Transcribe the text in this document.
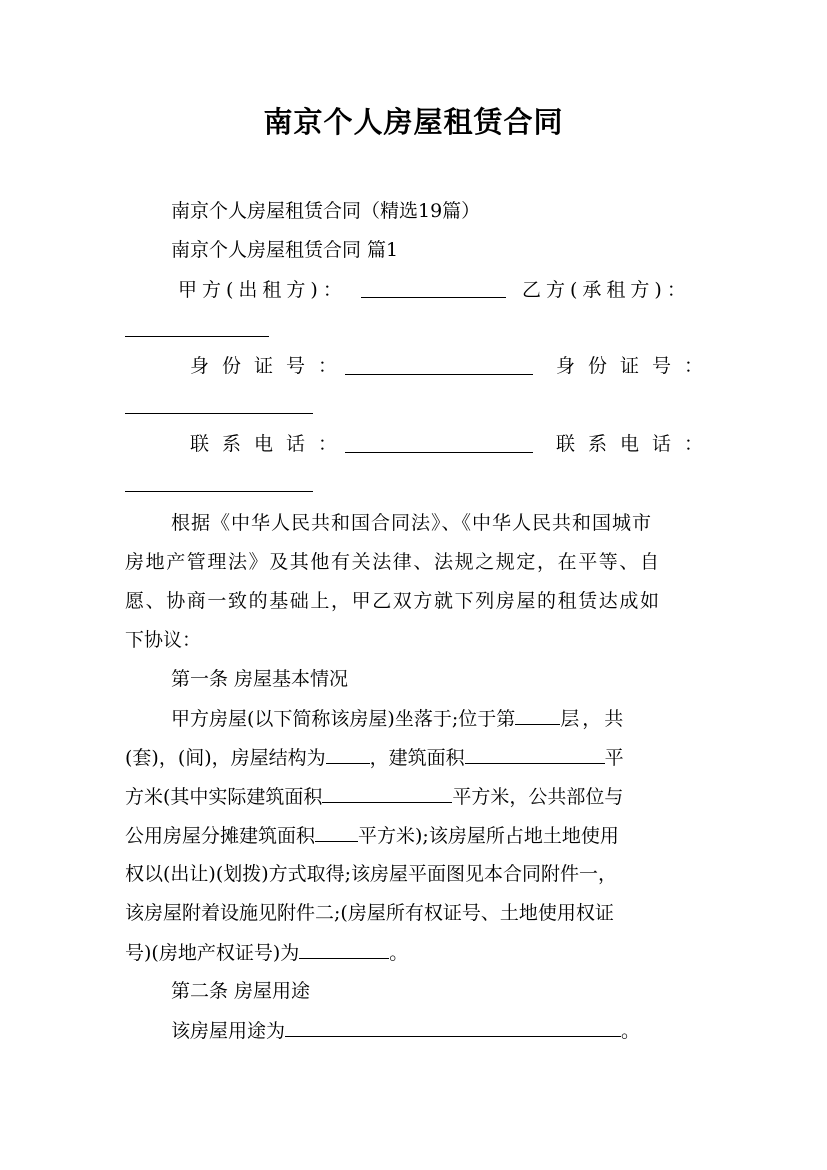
南京个人房屋租赁合同
南京个人房屋租赁合同（精选19篇）
南京个人房屋租赁合同 篇1
甲方(出租方)：	乙方(承租方)：
身份证号：	身份证号：
联系电话：	联系电话：
根据《中华人民共和国合同法》、《中华人民共和国城市
房地产管理法》及其他有关法律、法规之规定，在平等、自
愿、协商一致的基础上，甲乙双方就下列房屋的租赁达成如
下协议：
第一条 房屋基本情况
甲方房屋(以下简称该房屋)坐落于;位于第 层，共
(套)，(间)，房屋结构为 ，建筑面积	平
方米(其中实际建筑面积	平方米，公共部位与
公用房屋分摊建筑面积 平方米);该房屋所占地土地使用
权以(出让)(划拨)方式取得;该房屋平面图见本合同附件一，
该房屋附着设施见附件二;(房屋所有权证号、土地使用权证
号)(房地产权证号)为	。
第二条 房屋用途
该房屋用途为	。
